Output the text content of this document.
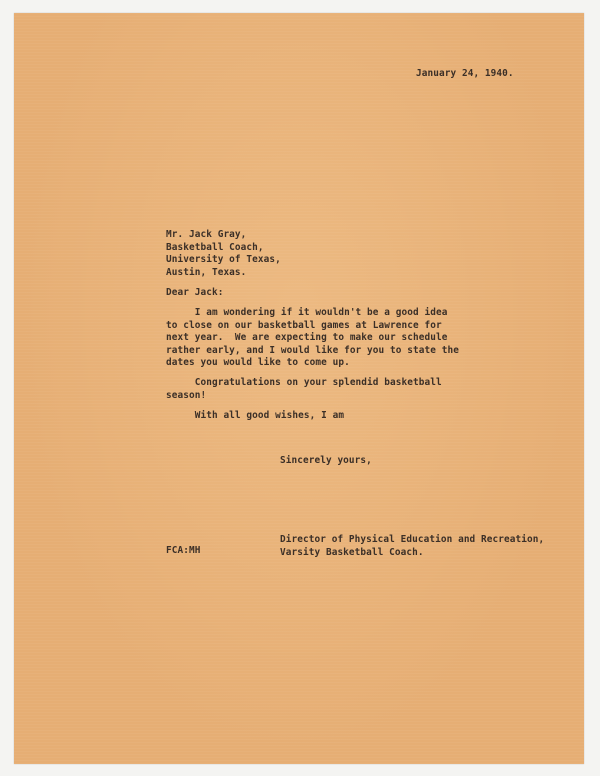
January 24, 1940.
Mr. Jack Gray,
Basketball Coach,
University of Texas,
Austin, Texas.
Dear Jack:
I am wondering if it wouldn't be a good idea
to close on our basketball games at Lawrence for
next year.  We are expecting to make our schedule
rather early, and I would like for you to state the
dates you would like to come up.
Congratulations on your splendid basketball
season!
With all good wishes, I am
Sincerely yours,
Director of Physical Education and Recreation,
Varsity Basketball Coach.
FCA:MH
